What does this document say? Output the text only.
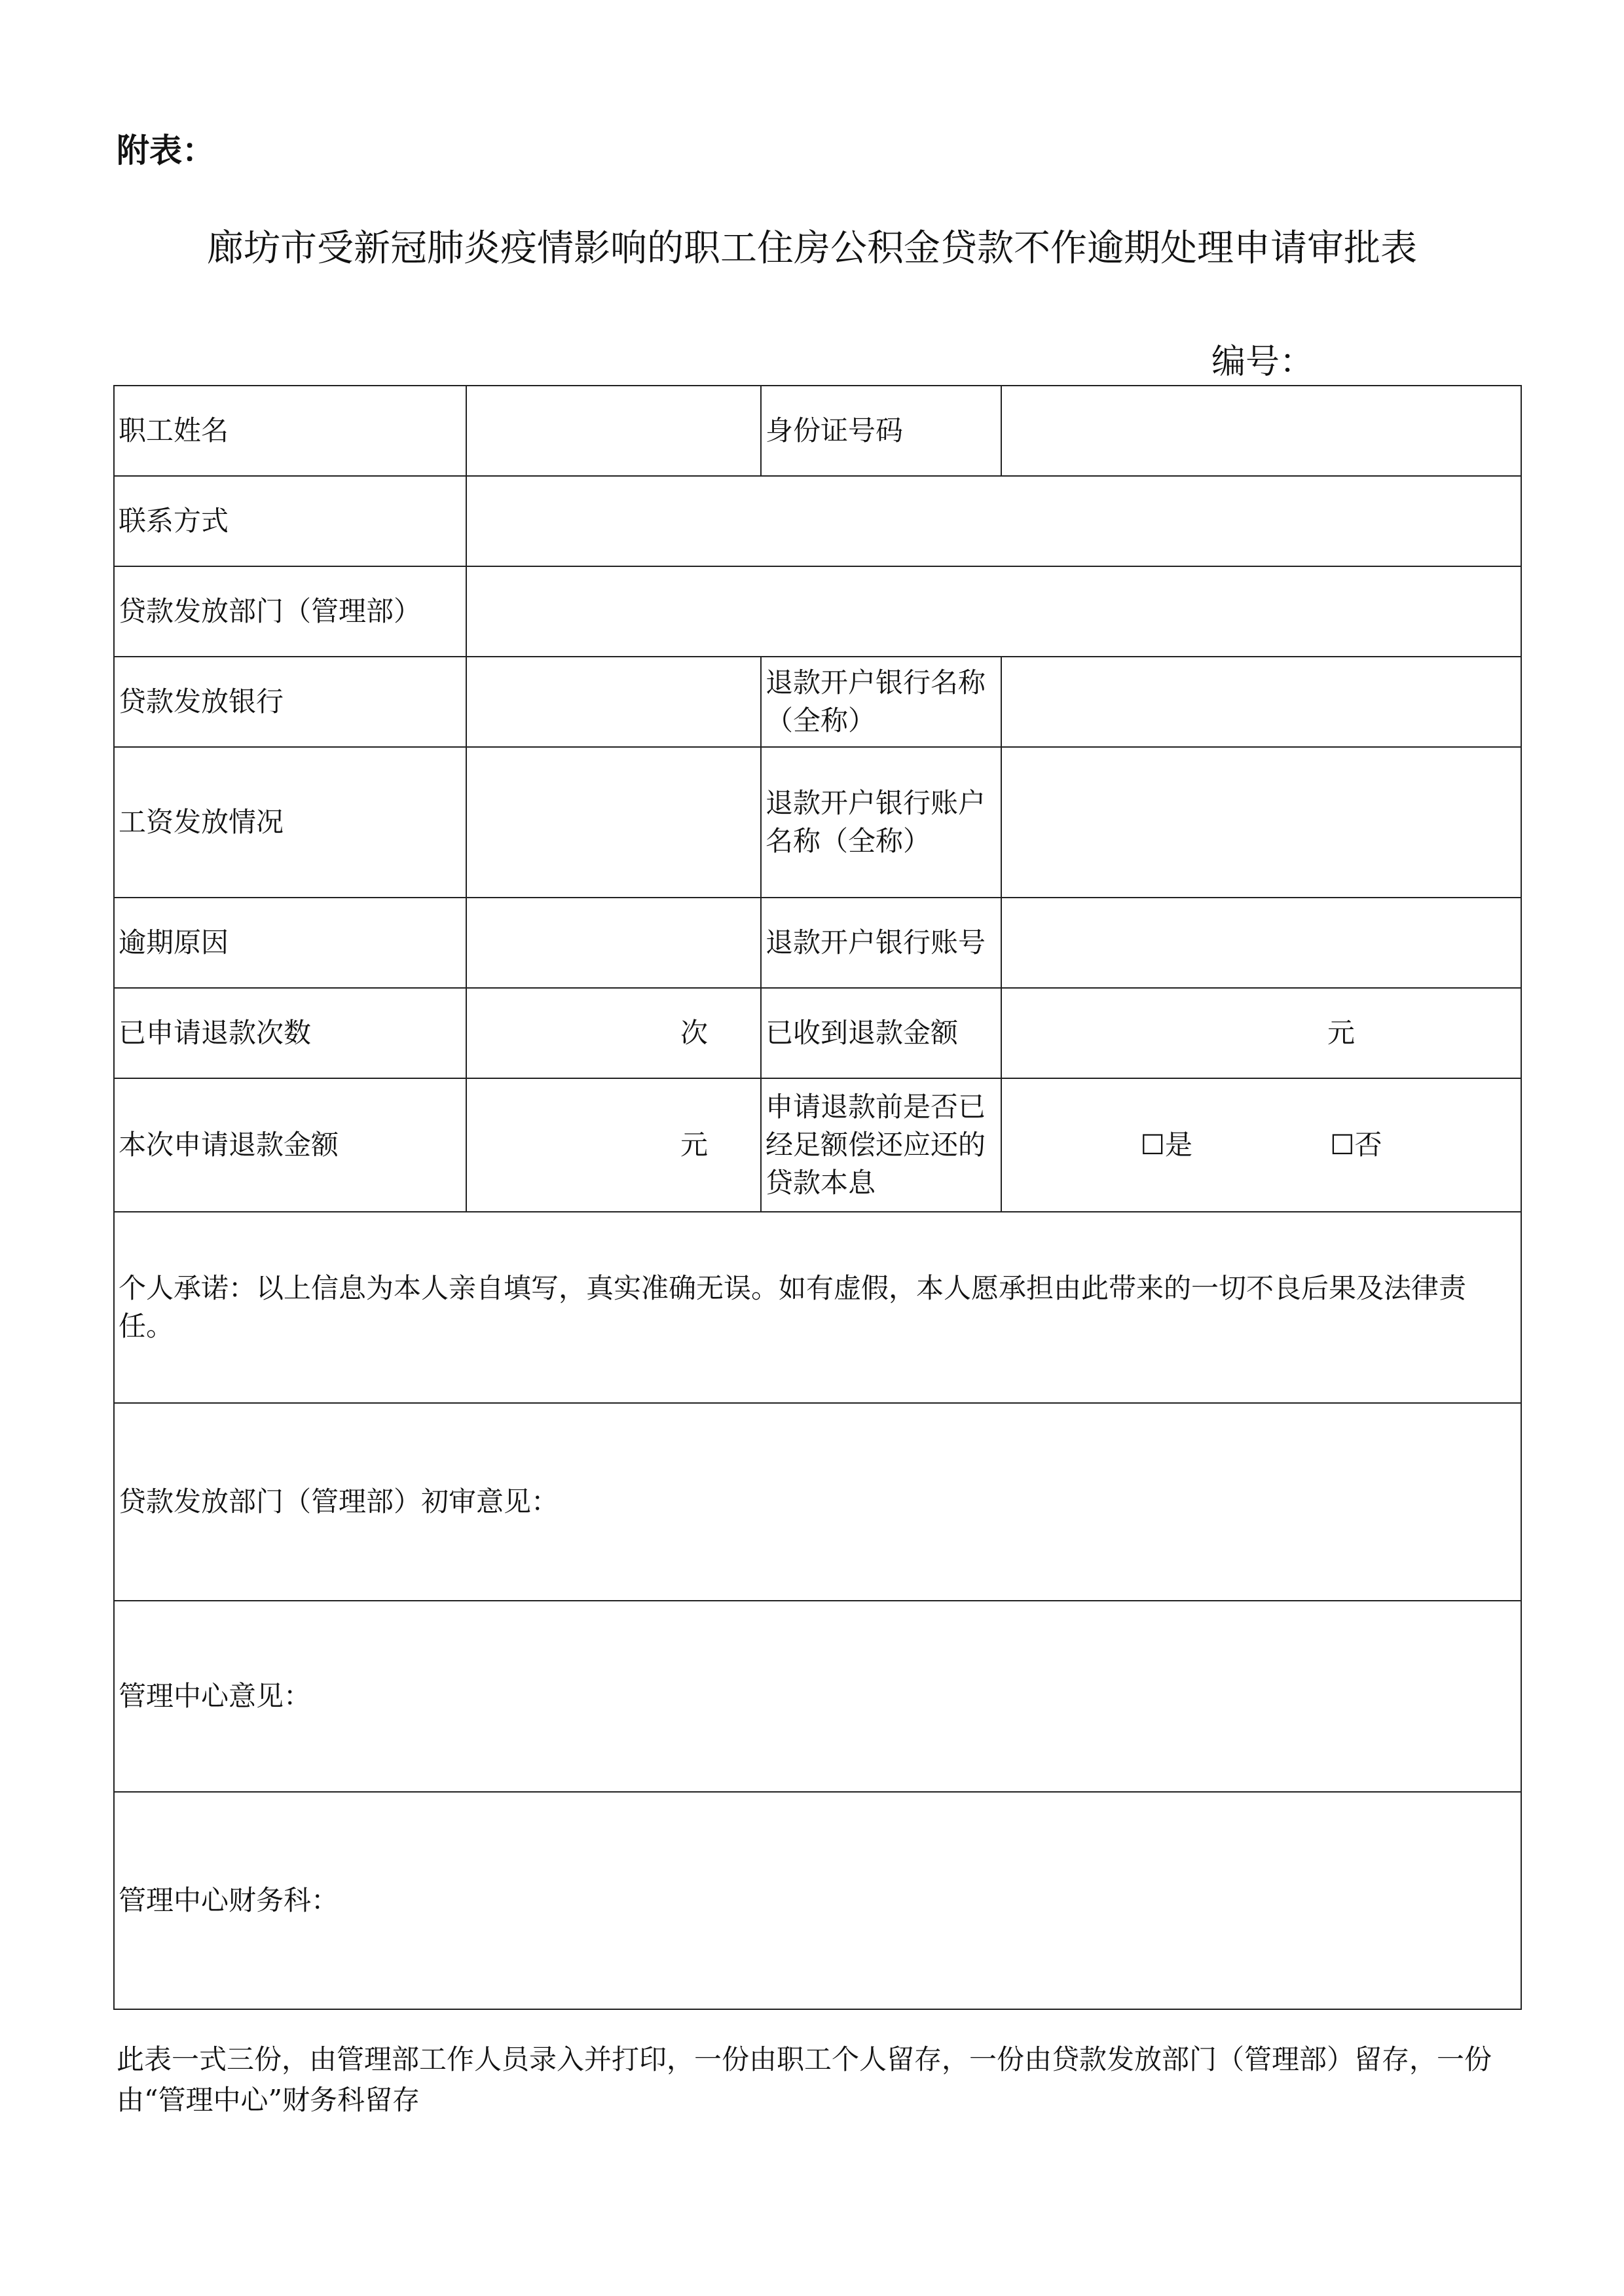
附表：
廊坊市受新冠肺炎疫情影响的职工住房公积金贷款不作逾期处理申请审批表
编号：
职工姓名		身份证号码	
联系方式			
贷款发放部门（管理部）			
贷款发放银行		退款开户银行名称（全称）	
工资发放情况		退款开户银行账户名称（全称）	
逾期原因		退款开户银行账号	
已申请退款次数	次	已收到退款金额	元
本次申请退款金额	元	申请退款前是否已经足额偿还应还的贷款本息	☐是 ☐否
个人承诺：以上信息为本人亲自填写，真实准确无误。如有虚假，本人愿承担由此带来的一切不良后果及法律责任。			
贷款发放部门（管理部）初审意见：			
管理中心意见：			
管理中心财务科：			
此表一式三份，由管理部工作人员录入并打印，一份由职工个人留存，一份由贷款发放部门（管理部）留存，一份由“管理中心”财务科留存
